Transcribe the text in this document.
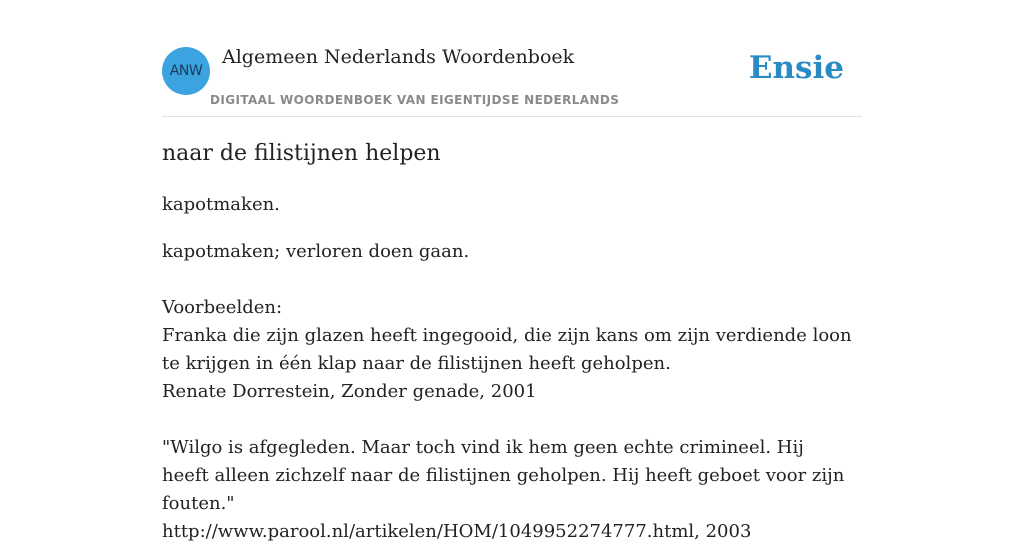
ANW
Algemeen Nederlands Woordenboek
DIGITAAL WOORDENBOEK VAN EIGENTIJDSE NEDERLANDS
Ensie
naar de filistijnen helpen
kapotmaken.
kapotmaken; verloren doen gaan.
Voorbeelden:
Franka die zijn glazen heeft ingegooid, die zijn kans om zijn verdiende loon te krijgen in één klap naar de filistijnen heeft geholpen.
Renate Dorrestein, Zonder genade, 2001
"Wilgo is afgegleden. Maar toch vind ik hem geen echte crimineel. Hij heeft alleen zichzelf naar de filistijnen geholpen. Hij heeft geboet voor zijn fouten."
http://www.parool.nl/artikelen/HOM/1049952274777.html, 2003
